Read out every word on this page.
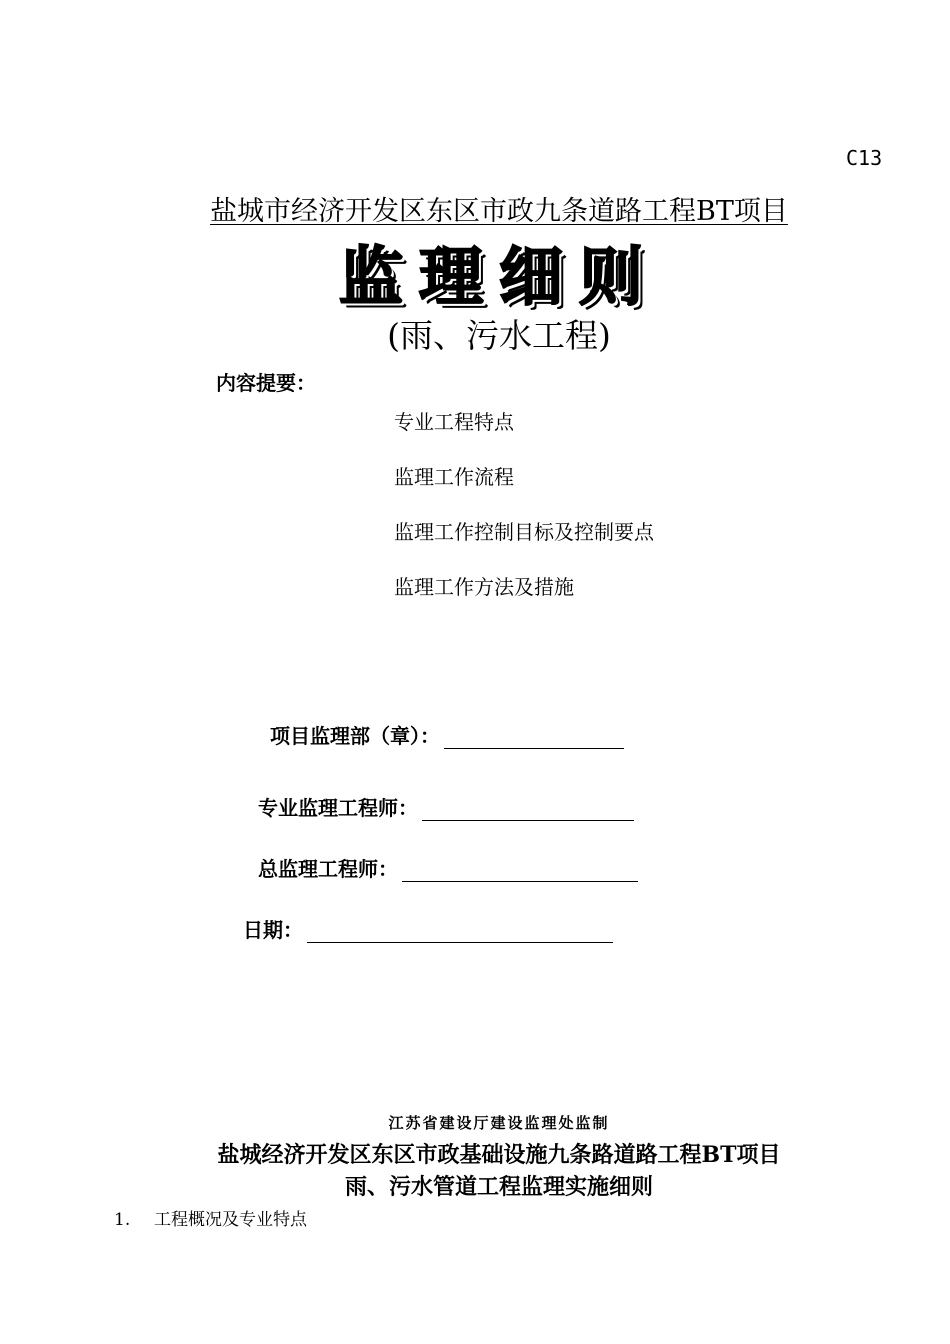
C13
盐城市经济开发区东区市政九条道路工程BT项目
监理细则
(雨、污水工程)
内容提要：
专业工程特点
监理工作流程
监理工作控制目标及控制要点
监理工作方法及措施
项目监理部（章）：
专业监理工程师：
总监理工程师：
日期：
江苏省建设厅建设监理处监制
盐城经济开发区东区市政基础设施九条路道路工程BT项目
雨、污水管道工程监理实施细则
1. 工程概况及专业特点
